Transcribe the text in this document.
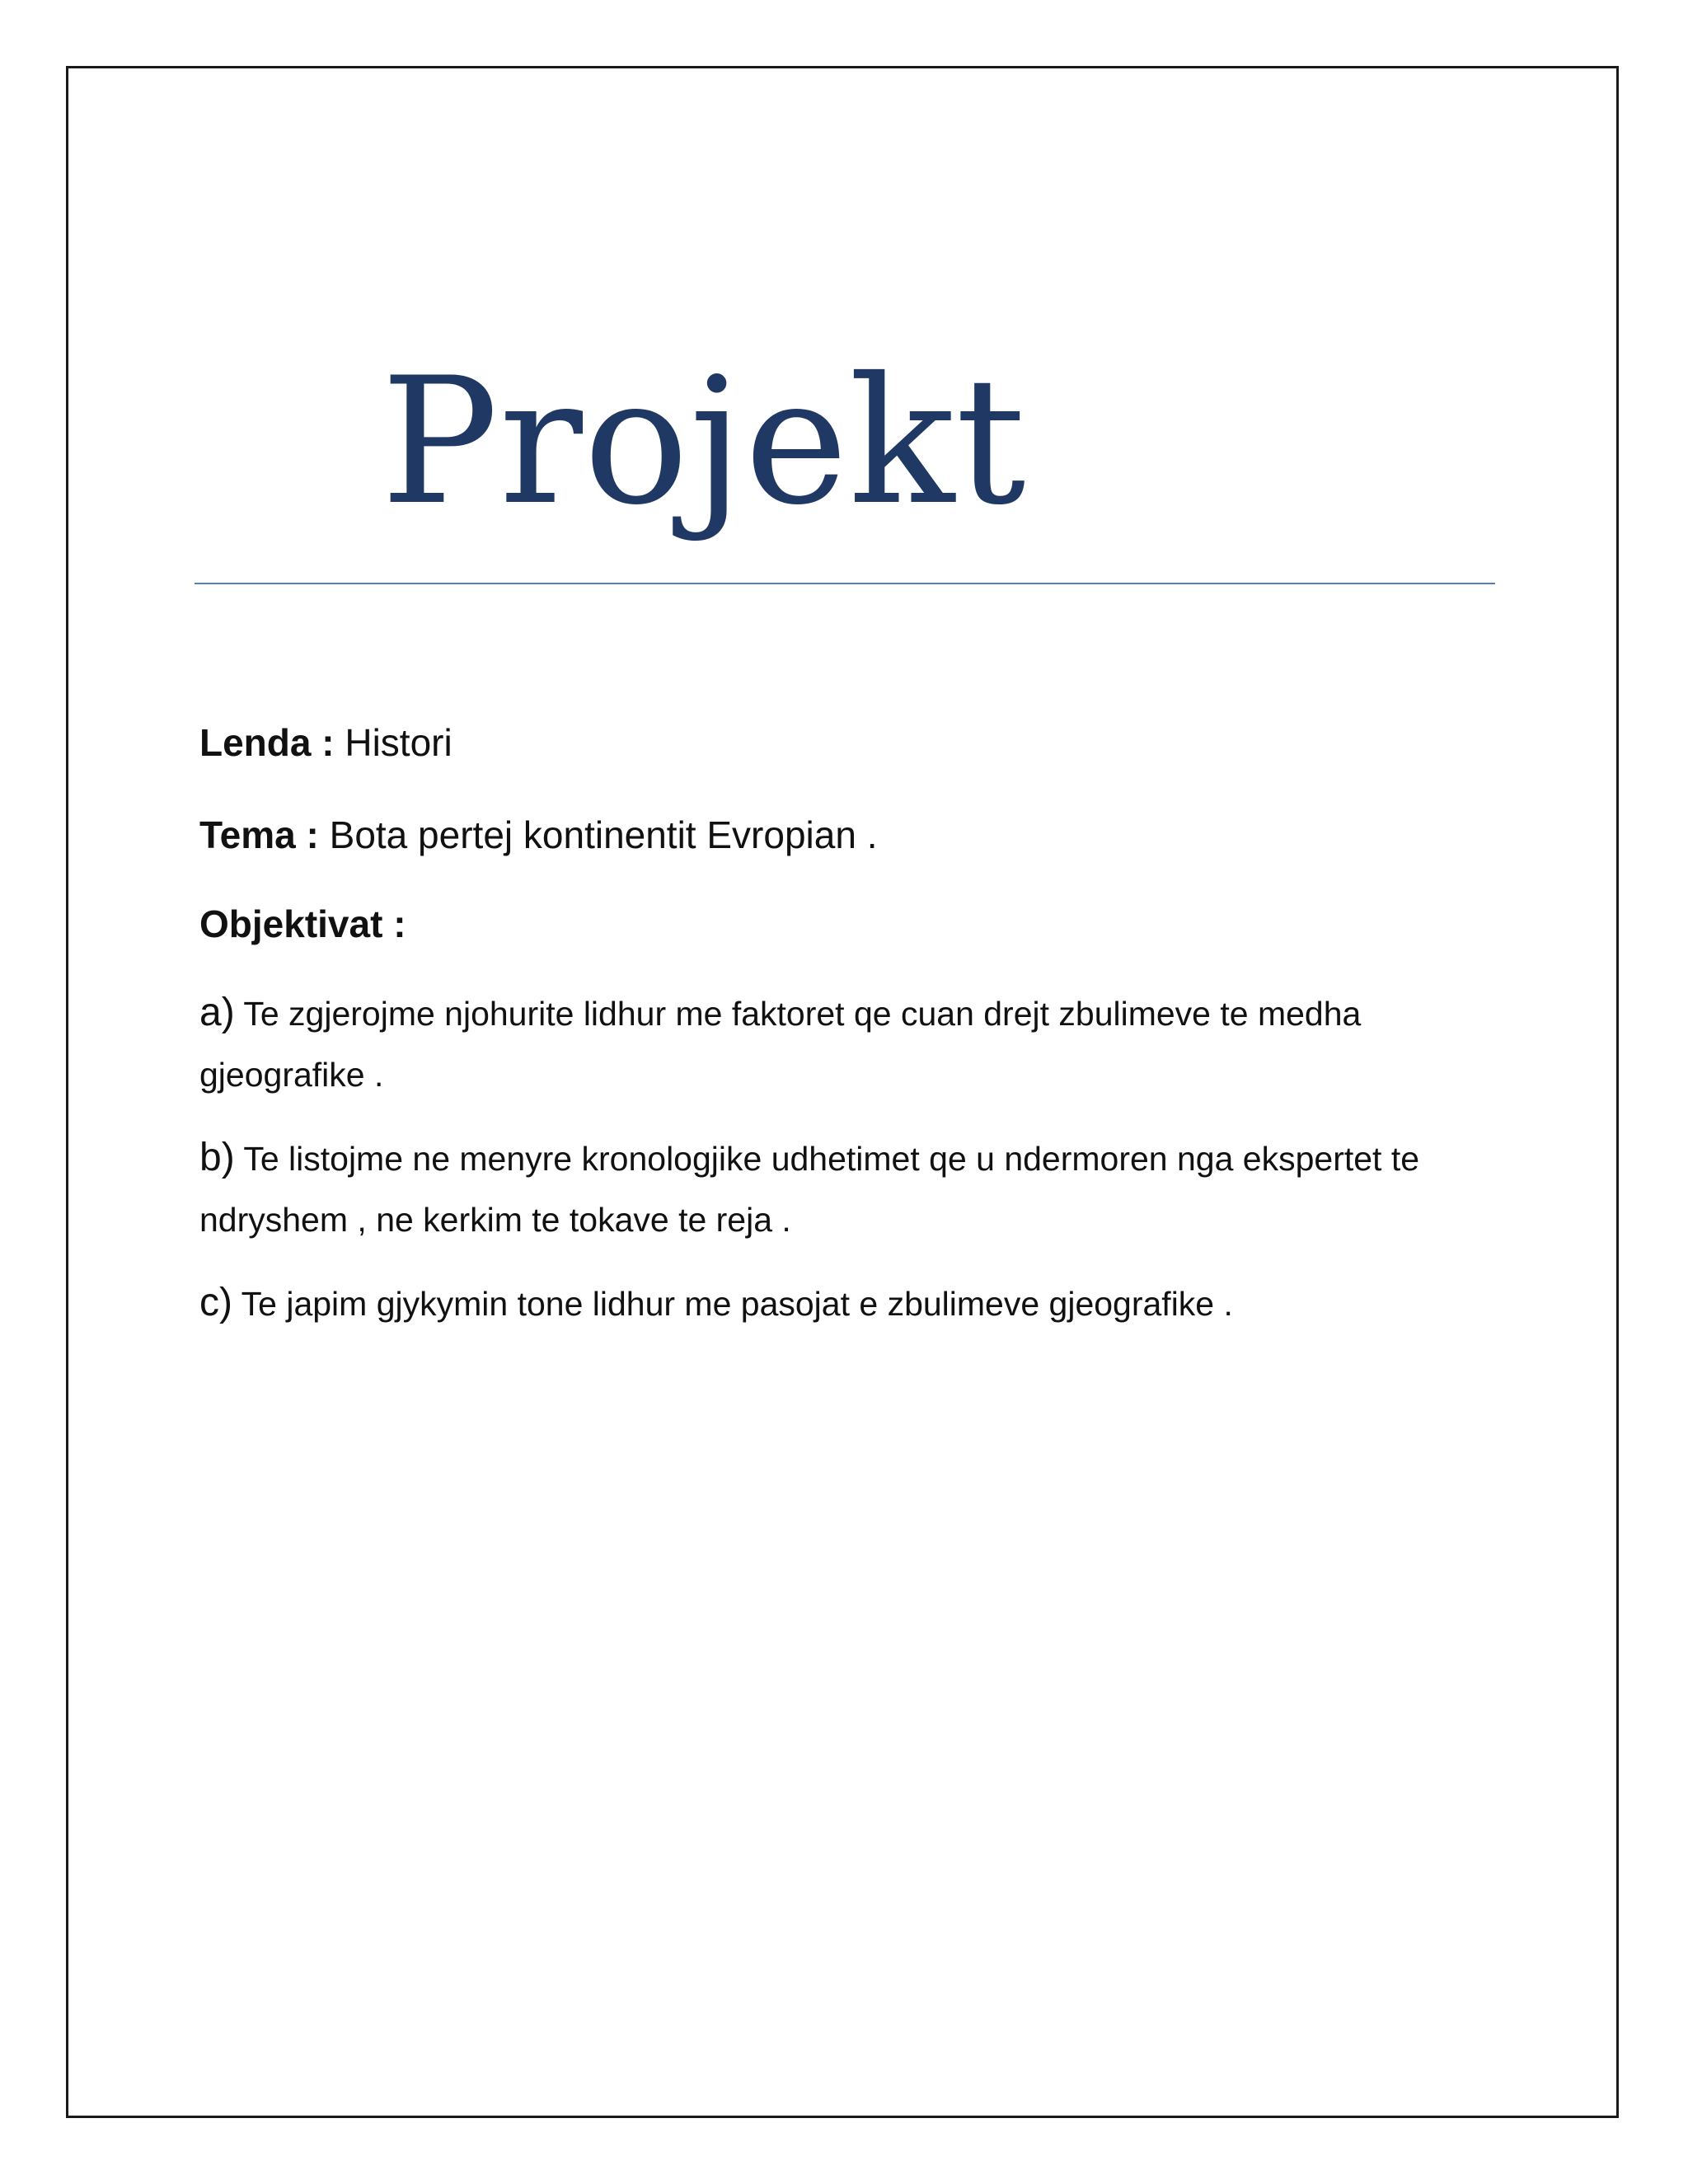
Projekt

Lenda : Histori

Tema : Bota pertej kontinentit Evropian .

Objektivat :

a) Te zgjerojme njohurite lidhur me faktoret qe cuan drejt zbulimeve te medha gjeografike .

b) Te listojme ne menyre kronologjike udhetimet qe u ndermoren nga ekspertet te ndryshem , ne kerkim te tokave te reja .

c) Te japim gjykymin tone lidhur me pasojat e zbulimeve gjeografike .
